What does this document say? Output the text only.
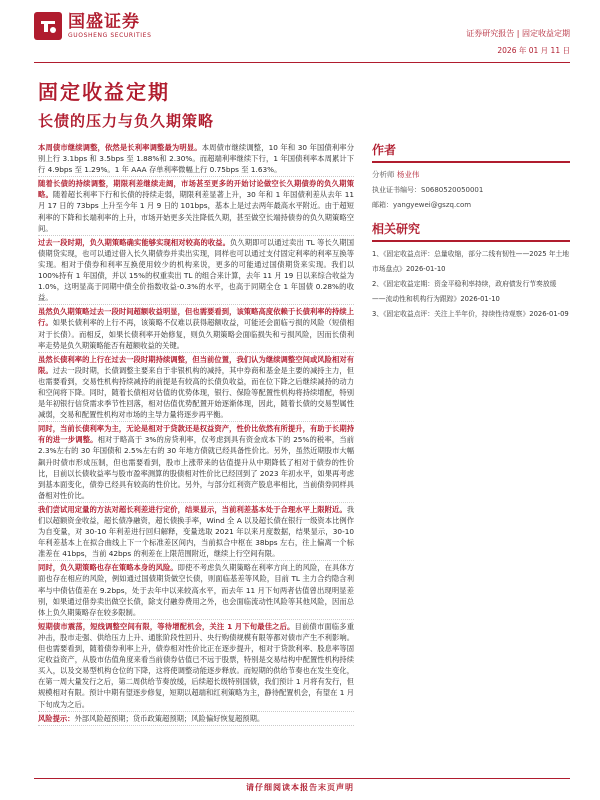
国盛证券
GUOSHENG SECURITIES	证券研究报告 | 固定收益定期
2026 年 01 月 11 日
固定收益定期
长债的压力与负久期策略

本周债市继续调整，依然是长利率调整最为明显。本周债市继续调整，10 年和 30 年国债利率分别上行 3.1bps 和 3.5bps 至 1.88%和 2.30%。而超端利率继续下行，1 年国债利率本周累计下行 4.9bps 至 1.29%。1 年 AAA 存单利率微幅上行 0.75bps 至 1.63%。

随着长债的持续调整，期限利差继续走阔，市场甚至更多的开始讨论做空长久期债券的负久期策略。随着超长利率下行和长债的持续走弱，期限利差显著上升，30 年和 1 年国债利差从去年 11 月 17 日的 73bps 上升至今年 1 月 9 日的 101bps，基本上是过去两年最高水平附近。由于超短利率的下降和长端利率的上升，市场开始更多关注降低久期，甚至做空长端持债券的负久期策略空间。

过去一段时期，负久期策略确实能够实现相对较高的收益。负久期即可以通过卖出 TL 等长久期国债期货实现，也可以通过借入长久期债券并卖出实现，同样也可以通过支付固定利率的利率互换等实现。相对于债券和利率互换使用较少的机构来说，更多的可能通过国债期货来实现。我们以 100%持有 1 年国债，并以 15%的权重卖出 TL 的组合来计算，去年 11 月 19 日以来综合收益为 1.0%，这明显高于同期中债全价指数收益-0.3%的水平，也高于同期全仓 1 年国债 0.28%的收益。

虽然负久期策略过去一段时间超额收益明显，但也需要看到，该策略高度依赖于长债利率的持续上行。如果长债利率的上行不再，该策略不仅难以获得超额收益，可能还会面临亏损的风险（短债相对于长债）。而相反，如果长债利率开始修复，则负久期策略会面临损失和亏损风险，因而长债利率走势是负久期策略能否有超额收益的关键。

虽然长债利率的上行在过去一段时期持续调整，但当前位置，我们认为继续调整空间或风险相对有限。过去一段时期，长债调整主要来自于非银机构的减持，其中券商和基金是主要的减持主力，但也需要看到，交易性机构持续减持的前提是有较高的长债负收益，而在位下降之后继续减持的动力和空间将下降。同时，随着长债相对估值的优势体现，银行、保险等配置性机构将持续增配，特别是年初银行信贷需求季节性回落，相对估值优势配置开始逐渐体现，因此，随着长债的交易型属性减弱，交易和配置性机构对市场的主导力量将逐步再平衡。

同时，当前长债利率为主，无论是相对于贷款还是权益资产，性价比依然有所提升，有助于长期持有的进一步调整。相对于略高于 3%的房贷利率，仅考虑到具有资金成本下的 25%的税率，当前 2.3%左右的 30 年国债和 2.5%左右的 30 年地方债就已经具备性价比。另外，虽然近期股市大幅飙升时债市形成压制，但也需要看到，股市上涨带来的估值提升从中期降低了相对于债券的性价比，目前以长债收益率与股市盈率测算的股债相对性价比已经回到了 2023 年初水平，如果再考虑到基本面变化，债券已经具有较高的性价比。另外，与部分红利资产股息率相比，当前债券同样具备相对性价比。

我们尝试用定量的方法对超长利差进行定价，结果显示，当前利差基本处于合理水平上限附近。我们以超额资金收益，超长债净融资，超长债换手率，Wind 全 A 以及超长债在银行一级资本比例作为自变量，对 30-10 年利差进行回归解释，变量选取 2021 年以来月度数据，结果显示，30-10 年利差基本上在拟合曲线上下一个标准差区间内，当前拟合中枢在 38bps 左右，往上偏离一个标准差在 41bps，当前 42bps 的利差在上限范围附近，继续上行空间有限。

同时，负久期策略也存在策略本身的风险。即使不考虑负久期策略在利率方向上的风险，在具体方面也存在相应的风险，例如通过国债期货做空长债，则面临基差等风险，目前 TL 主力合约隐含利率与中债估值差在 9.2bps，处于去年中以来较高水平，而去年 11 月下旬两者估值曾出现明显差别，如果通过借券卖出做空长债，除支付融券费用之外，也会面临流动性风险等其他风险，因而总体上负久期策略存在较多限制。

短期债市震荡，短线调整空间有限，等待增配机会，关注 1 月下旬最佳之后。目前债市面临多重冲击，股市走强、供给压力上升、通胀阶段性回升、央行购债规模有限等都对债市产生不利影响。但也需要看到，随着债券利率上升，债券相对性价比正在逐步提升，相对于贷款利率、股息率等固定收益资产，从股市估值角度来看当前债券估值已不远于股票，特别是交易结构中配置性机构持续买入，以及交易型机构仓位的下降，这将使调整动能逐步释放。而短期的供给节奏也在发生变化，在第一周大量发行之后，第二周供给节奏放缓，后续超长级特别国债，我们预计 1 月将有发行，但规模相对有限。预计中期有望逐步修复，短期以超端和红利策略为主，静待配置机会，有望在 1 月下旬成为之后。

风险提示：外部风险超预期；货币政策超预期；风险偏好恢复超预期。

作者
分析师 杨业伟
执业证书编号：S0680520050001
邮箱：yangyewei@gszq.com
相关研究
1、《固定收益点评：总量收缩，部分二线有韧性——2025 年土地市场盘点》2026-01-10
2、《固定收益定期：资金平稳利率持续，政府债发行节奏放缓——流动性和机构行为跟踪》2026-01-10
3、《固定收益点评：关注上半年价，持续性待观察》2026-01-09
请仔细阅读本报告末页声明
